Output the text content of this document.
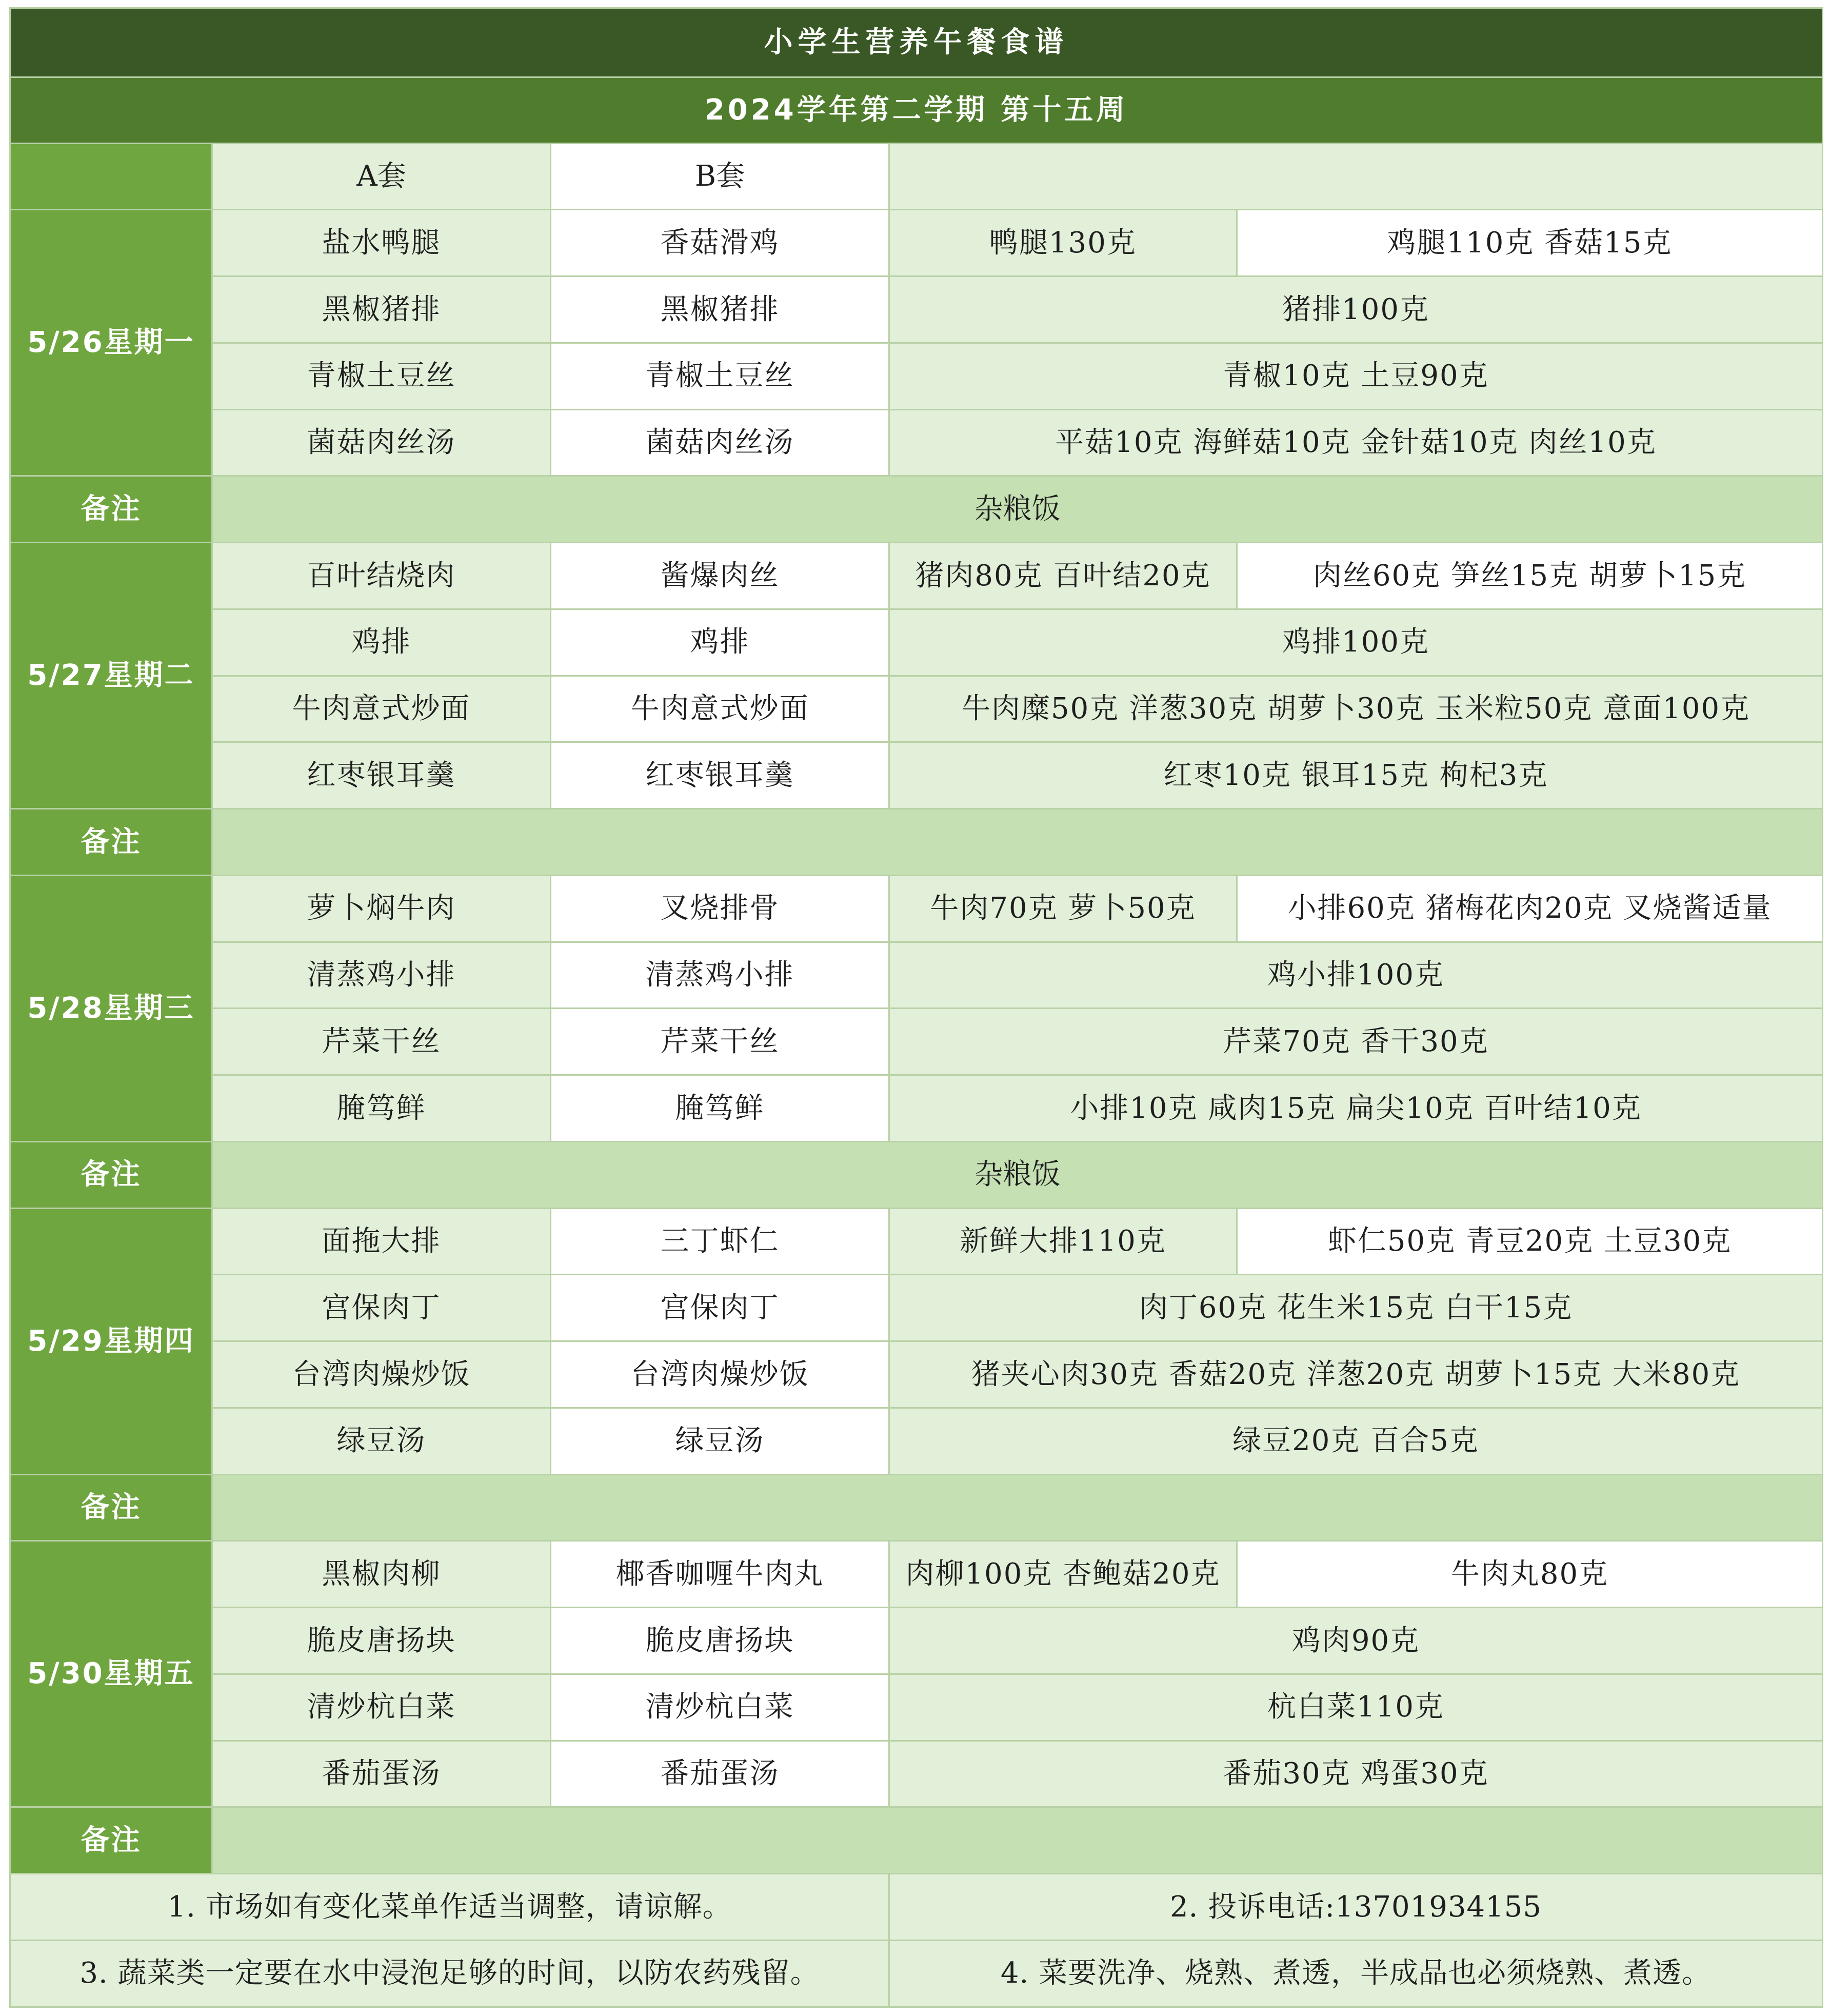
小学生营养午餐食谱				
2024学年第二学期 第十五周				
	A套	B套		
5/26星期一	盐水鸭腿	香菇滑鸡	鸭腿130克	鸡腿110克 香菇15克
	黑椒猪排	黑椒猪排	猪排100克	
	青椒土豆丝	青椒土豆丝	青椒10克 土豆90克	
	菌菇肉丝汤	菌菇肉丝汤	平菇10克 海鲜菇10克 金针菇10克 肉丝10克	
备注	杂粮饭			
5/27星期二	百叶结烧肉	酱爆肉丝	猪肉80克 百叶结20克	肉丝60克 笋丝15克 胡萝卜15克
	鸡排	鸡排	鸡排100克	
	牛肉意式炒面	牛肉意式炒面	牛肉糜50克 洋葱30克 胡萝卜30克 玉米粒50克 意面100克	
	红枣银耳羹	红枣银耳羹	红枣10克 银耳15克 枸杞3克	
备注				
5/28星期三	萝卜焖牛肉	叉烧排骨	牛肉70克 萝卜50克	小排60克 猪梅花肉20克 叉烧酱适量
	清蒸鸡小排	清蒸鸡小排	鸡小排100克	
	芹菜干丝	芹菜干丝	芹菜70克 香干30克	
	腌笃鲜	腌笃鲜	小排10克 咸肉15克 扁尖10克 百叶结10克	
备注	杂粮饭			
5/29星期四	面拖大排	三丁虾仁	新鲜大排110克	虾仁50克 青豆20克 土豆30克
	宫保肉丁	宫保肉丁	肉丁60克 花生米15克 白干15克	
	台湾肉燥炒饭	台湾肉燥炒饭	猪夹心肉30克 香菇20克 洋葱20克 胡萝卜15克 大米80克	
	绿豆汤	绿豆汤	绿豆20克 百合5克	
备注				
5/30星期五	黑椒肉柳	椰香咖喱牛肉丸	肉柳100克 杏鲍菇20克	牛肉丸80克
	脆皮唐扬块	脆皮唐扬块	鸡肉90克	
	清炒杭白菜	清炒杭白菜	杭白菜110克	
	番茄蛋汤	番茄蛋汤	番茄30克 鸡蛋30克	
备注				
1. 市场如有变化菜单作适当调整，请谅解。			2. 投诉电话:13701934155	
3. 蔬菜类一定要在水中浸泡足够的时间，以防农药残留。			4. 菜要洗净、烧熟、煮透，半成品也必须烧熟、煮透。	
